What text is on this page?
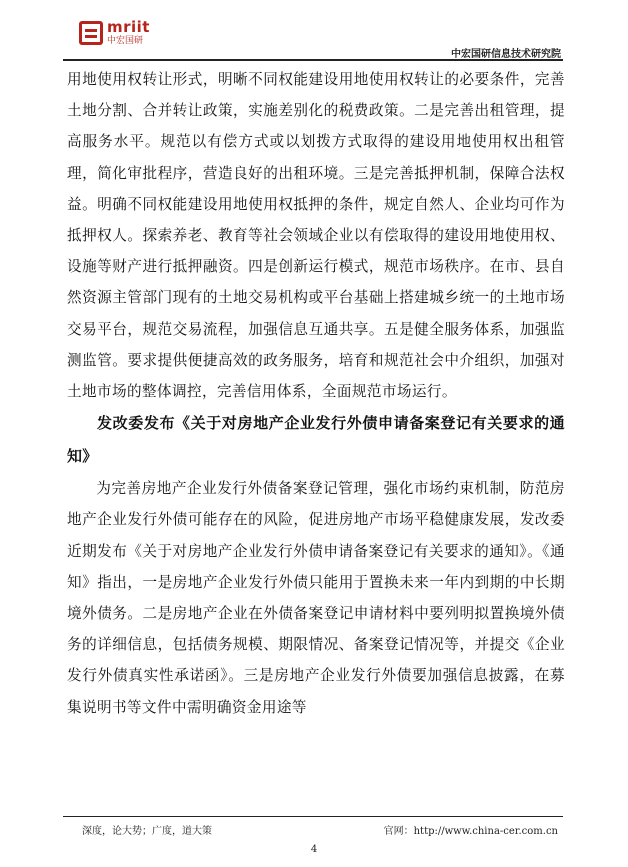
mriit
中宏国研
中宏国研信息技术研究院

用地使用权转让形式，明晰不同权能建设用地使用权转让的必要条件，完善土地分割、合并转让政策，实施差别化的税费政策。二是完善出租管理，提高服务水平。规范以有偿方式或以划拨方式取得的建设用地使用权出租管理，简化审批程序，营造良好的出租环境。三是完善抵押机制，保障合法权益。明确不同权能建设用地使用权抵押的条件，规定自然人、企业均可作为抵押权人。探索养老、教育等社会领域企业以有偿取得的建设用地使用权、设施等财产进行抵押融资。四是创新运行模式，规范市场秩序。在市、县自然资源主管部门现有的土地交易机构或平台基础上搭建城乡统一的土地市场交易平台，规范交易流程，加强信息互通共享。五是健全服务体系，加强监测监管。要求提供便捷高效的政务服务，培育和规范社会中介组织，加强对土地市场的整体调控，完善信用体系，全面规范市场运行。

发改委发布《关于对房地产企业发行外债申请备案登记有关要求的通知》

为完善房地产企业发行外债备案登记管理，强化市场约束机制，防范房地产企业发行外债可能存在的风险，促进房地产市场平稳健康发展，发改委近期发布《关于对房地产企业发行外债申请备案登记有关要求的通知》。《通知》指出，一是房地产企业发行外债只能用于置换未来一年内到期的中长期境外债务。二是房地产企业在外债备案登记申请材料中要列明拟置换境外债务的详细信息，包括债务规模、期限情况、备案登记情况等，并提交《企业发行外债真实性承诺函》。三是房地产企业发行外债要加强信息披露，在募集说明书等文件中需明确资金用途等

深度，论大势；广度，道大策	官网：http://www.china-cer.com.cn
4
